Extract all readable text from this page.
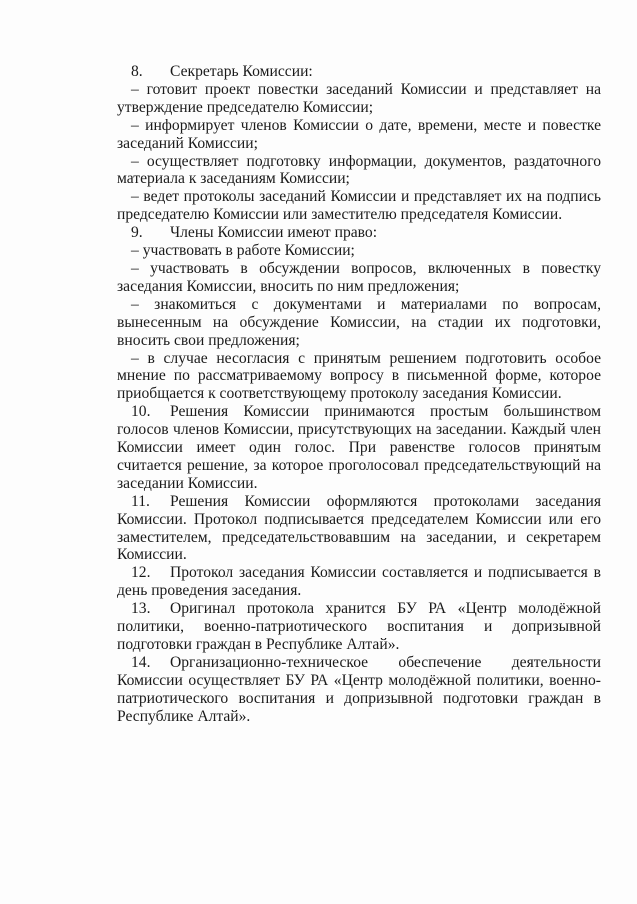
8. Секретарь Комиссии:

– готовит проект повестки заседаний Комиссии и представляет на утверждение председателю Комиссии;

– информирует членов Комиссии о дате, времени, месте и повестке заседаний Комиссии;

– осуществляет подготовку информации, документов, раздаточного материала к заседаниям Комиссии;

– ведет протоколы заседаний Комиссии и представляет их на подпись председателю Комиссии или заместителю председателя Комиссии.

9. Члены Комиссии имеют право:

– участвовать в работе Комиссии;

– участвовать в обсуждении вопросов, включенных в повестку заседания Комиссии, вносить по ним предложения;

– знакомиться с документами и материалами по вопросам, вынесенным на обсуждение Комиссии, на стадии их подготовки, вносить свои предложения;

– в случае несогласия с принятым решением подготовить особое мнение по рассматриваемому вопросу в письменной форме, которое приобщается к соответствующему протоколу заседания Комиссии.

10. Решения Комиссии принимаются простым большинством голосов членов Комиссии, присутствующих на заседании. Каждый член Комиссии имеет один голос. При равенстве голосов принятым считается решение, за которое проголосовал председательствующий на заседании Комиссии.

11. Решения Комиссии оформляются протоколами заседания Комиссии. Протокол подписывается председателем Комиссии или его заместителем, председательствовавшим на заседании, и секретарем Комиссии.

12. Протокол заседания Комиссии составляется и подписывается в день проведения заседания.

13. Оригинал протокола хранится БУ РА «Центр молодёжной политики, военно-патриотического воспитания и допризывной подготовки граждан в Республике Алтай».

14. Организационно-техническое обеспечение деятельности Комиссии осуществляет БУ РА «Центр молодёжной политики, военно-патриотического воспитания и допризывной подготовки граждан в Республике Алтай».
